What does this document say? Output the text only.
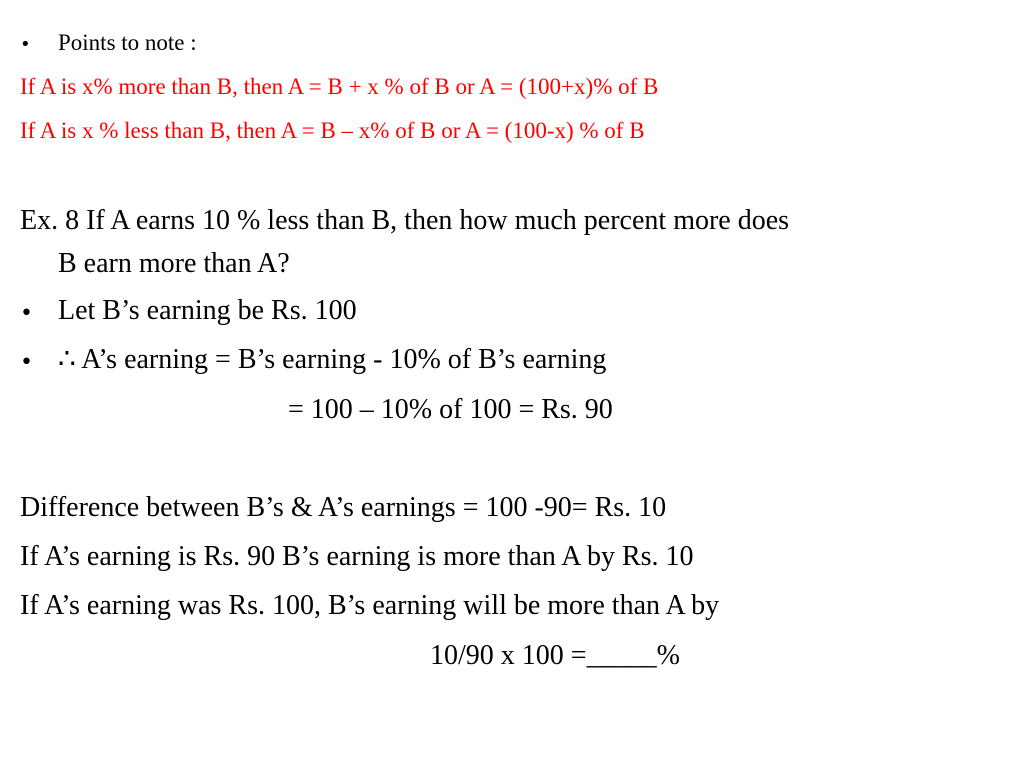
• Points to note :
If A is x% more than B, then A = B + x % of B or A = (100+x)% of B
If A is x % less than B, then A = B – x% of B or A = (100-x) % of B
Ex. 8 If A earns 10 % less than B, then how much percent more does
B earn more than A?
• Let B’s earning be Rs. 100
• ∴ A’s earning = B’s earning - 10% of B’s earning
= 100 – 10% of 100 = Rs. 90
Difference between B’s & A’s earnings = 100 -90= Rs. 10
If A’s earning is Rs. 90 B’s earning is more than A by Rs. 10
If A’s earning was Rs. 100, B’s earning will be more than A by
10/90 x 100 =_____%
